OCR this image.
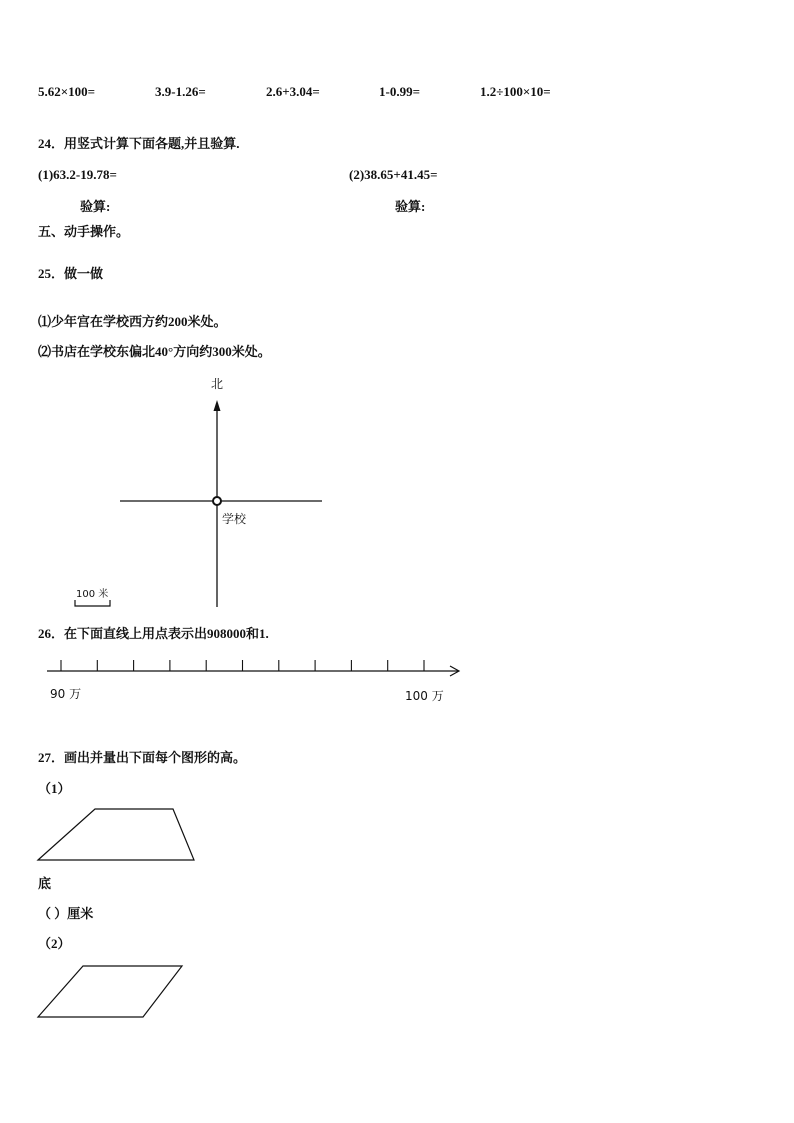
5.62×100=	3.9-1.26=	2.6+3.04=	1-0.99=	1.2÷100×10=
24．用竖式计算下面各题,并且验算.
(1)63.2-19.78=	(2)38.65+41.45=
验算:	验算:
五、动手操作。
25．做一做
⑴少年宫在学校西方约200米处。
⑵书店在学校东偏北40°方向约300米处。
北
学校
100 米
26．在下面直线上用点表示出908000和1.
90 万	100 万
27．画出并量出下面每个图形的高。
（1）
底
（ ）厘米
（2）
